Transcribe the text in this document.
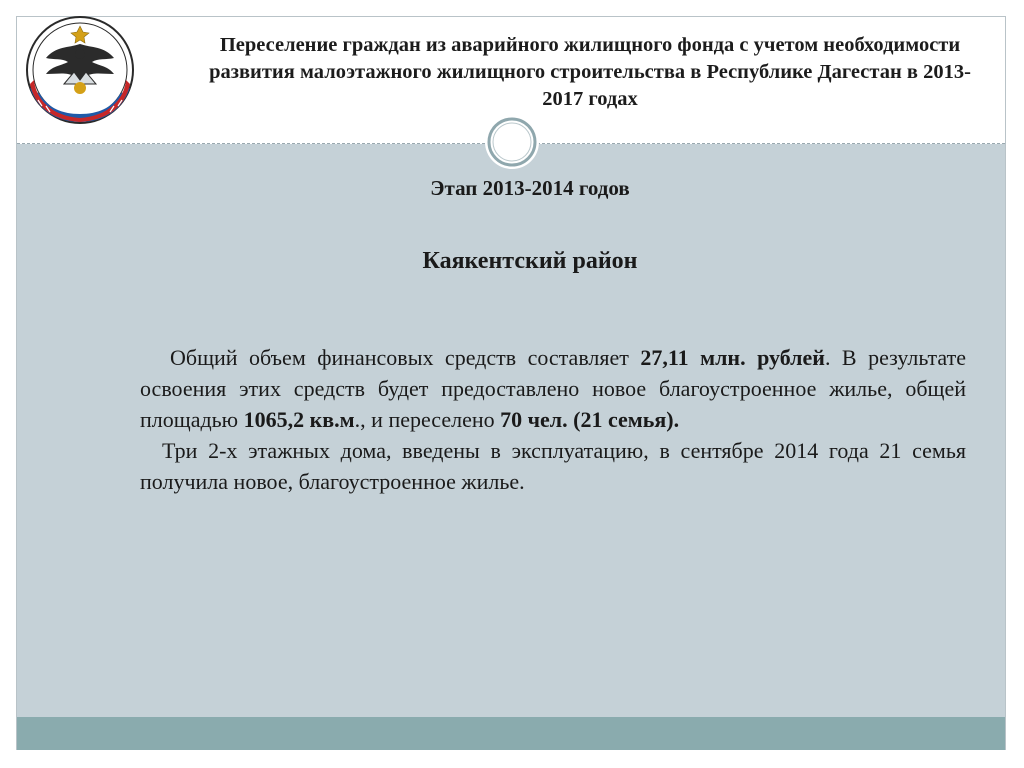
Переселение граждан из аварийного жилищного фонда с учетом необходимости развития малоэтажного жилищного строительства в Республике Дагестан в 2013-2017 годах
Этап 2013-2014 годов
Каякентский район

Общий объем финансовых средств составляет 27,11 млн. рублей. В результате освоения этих средств будет предоставлено новое благоустроенное жилье, общей площадью 1065,2 кв.м., и переселено 70 чел. (21 семья).

Три 2-х этажных дома, введены в эксплуатацию, в сентябре 2014 года 21 семья получила новое, благоустроенное жилье.
